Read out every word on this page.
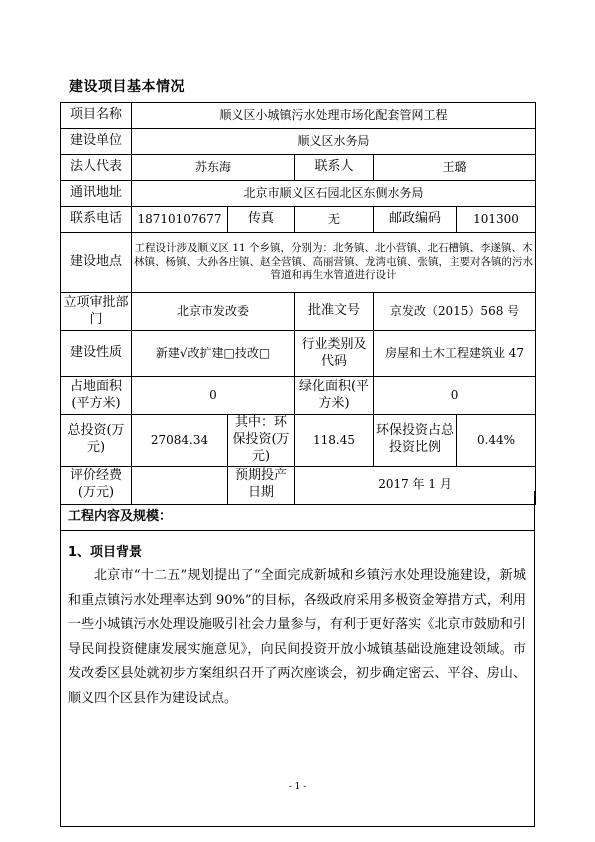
建设项目基本情况
项目名称	顺义区小城镇污水处理市场化配套管网工程				
建设单位	顺义区水务局				
法人代表	苏东海		联系人	王璐	
通讯地址	北京市顺义区石园北区东侧水务局				
联系电话	18710107677	传真	无	邮政编码	101300
建设地点	工程设计涉及顺义区 11 个乡镇，分别为：北务镇、北小营镇、北石槽镇、李遂镇、木林镇、杨镇、大孙各庄镇、赵全营镇、高丽营镇、龙湾屯镇、张镇，主要对各镇的污水管道和再生水管道进行设计				
立项审批部门	北京市发改委		批准文号	京发改（2015）568 号	
建设性质	新建√改扩建□技改□		行业类别及代码	房屋和土木工程建筑业 47	
占地面积(平方米)	0		绿化面积(平方米)	0	
总投资(万元)	27084.34	其中：环保投资(万元)	118.45	环保投资占总投资比例	0.44%
评价经费(万元)		预期投产日期	2017 年 1 月		
工程内容及规模：
1、项目背景

北京市“十二五”规划提出了“全面完成新城和乡镇污水处理设施建设，新城和重点镇污水处理率达到 90%”的目标，各级政府采用多极资金筹措方式，利用一些小城镇污水处理设施吸引社会力量参与，有利于更好落实《北京市鼓励和引导民间投资健康发展实施意见》，向民间投资开放小城镇基础设施建设领域。市发改委区县处就初步方案组织召开了两次座谈会，初步确定密云、平谷、房山、顺义四个区县作为建设试点。

- 1 -
